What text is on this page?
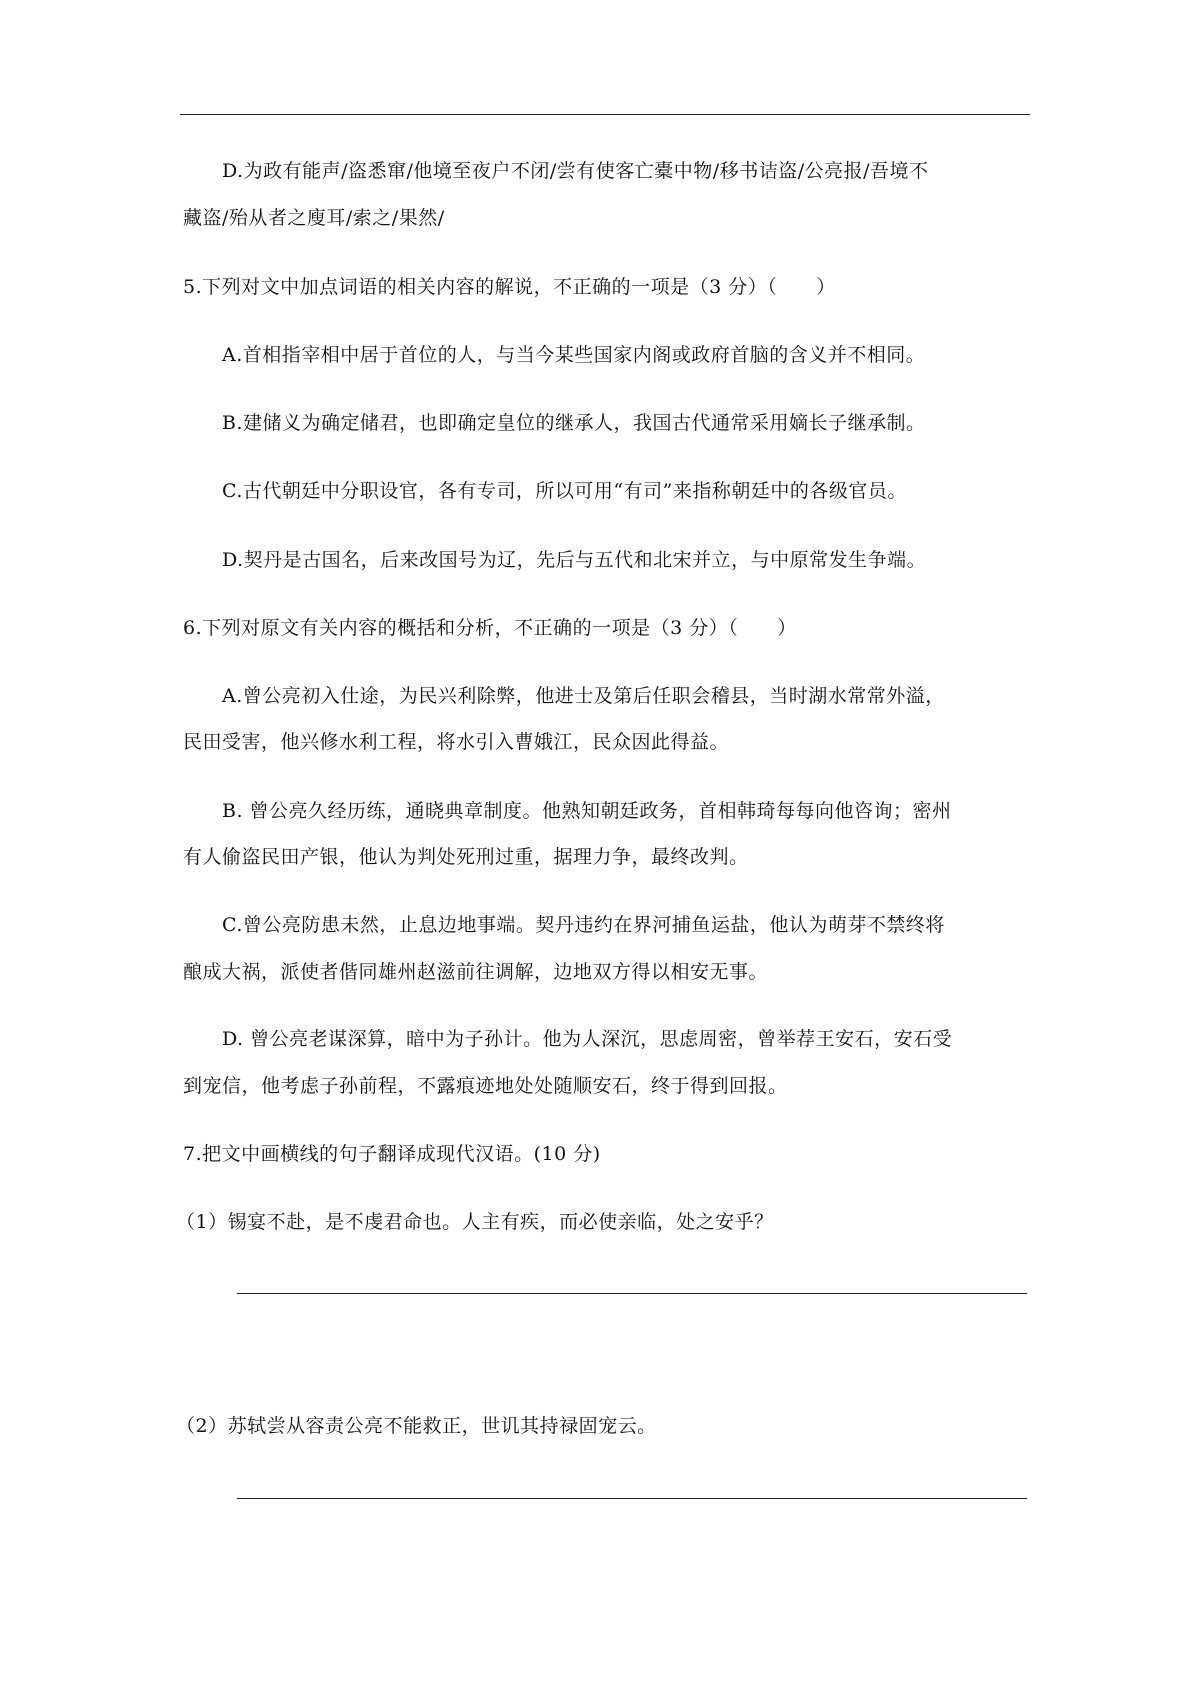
D.为政有能声/盗悉窜/他境至夜户不闭/尝有使客亡橐中物/移书诘盗/公亮报/吾境不
藏盗/殆从者之廋耳/索之/果然/
5.下列对文中加点词语的相关内容的解说，不正确的一项是（3 分）（　　）
A.首相指宰相中居于首位的人，与当今某些国家内阁或政府首脑的含义并不相同。
B.建储义为确定储君，也即确定皇位的继承人，我国古代通常采用嫡长子继承制。
C.古代朝廷中分职设官，各有专司，所以可用“有司”来指称朝廷中的各级官员。
D.契丹是古国名，后来改国号为辽，先后与五代和北宋并立，与中原常发生争端。
6.下列对原文有关内容的概括和分析，不正确的一项是（3 分）（　　）
A.曾公亮初入仕途，为民兴利除弊，他进士及第后任职会稽县，当时湖水常常外溢，
民田受害，他兴修水利工程，将水引入曹娥江，民众因此得益。
B. 曾公亮久经历练，通晓典章制度。他熟知朝廷政务，首相韩琦每每向他咨询；密州
有人偷盗民田产银，他认为判处死刑过重，据理力争，最终改判。
C.曾公亮防患未然，止息边地事端。契丹违约在界河捕鱼运盐，他认为萌芽不禁终将
酿成大祸，派使者偕同雄州赵滋前往调解，边地双方得以相安无事。
D. 曾公亮老谋深算，暗中为子孙计。他为人深沉，思虑周密，曾举荐王安石，安石受
到宠信，他考虑子孙前程，不露痕迹地处处随顺安石，终于得到回报。
7.把文中画横线的句子翻译成现代汉语。(10 分)
（1）锡宴不赴，是不虔君命也。人主有疾，而必使亲临，处之安乎？
（2）苏轼尝从容责公亮不能救正，世讥其持禄固宠云。
